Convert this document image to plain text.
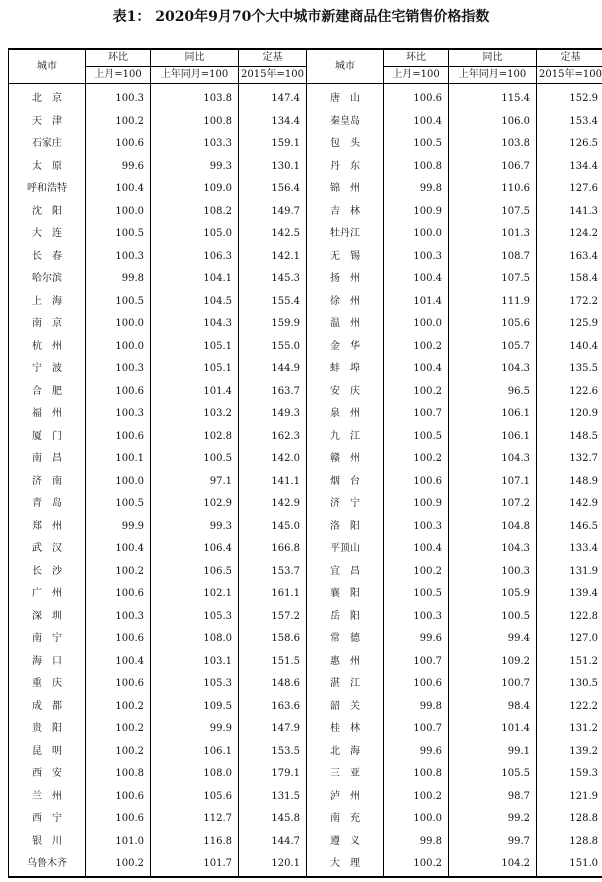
表1： 2020年9月70个大中城市新建商品住宅销售价格指数
城市	环比	同比	定基	城市	环比	同比	定基
	上月=100	上年同月=100	2015年=100		上月=100	上年同月=100	2015年=100
北　京	100.3	103.8	147.4	唐　山	100.6	115.4	152.9
天　津	100.2	100.8	134.4	秦皇岛	100.4	106.0	153.4
石家庄	100.6	103.3	159.1	包　头	100.5	103.8	126.5
太　原	99.6	99.3	130.1	丹　东	100.8	106.7	134.4
呼和浩特	100.4	109.0	156.4	锦　州	99.8	110.6	127.6
沈　阳	100.0	108.2	149.7	吉　林	100.9	107.5	141.3
大　连	100.5	105.0	142.5	牡丹江	100.0	101.3	124.2
长　春	100.3	106.3	142.1	无　锡	100.3	108.7	163.4
哈尔滨	99.8	104.1	145.3	扬　州	100.4	107.5	158.4
上　海	100.5	104.5	155.4	徐　州	101.4	111.9	172.2
南　京	100.0	104.3	159.9	温　州	100.0	105.6	125.9
杭　州	100.0	105.1	155.0	金　华	100.2	105.7	140.4
宁　波	100.3	105.1	144.9	蚌　埠	100.4	104.3	135.5
合　肥	100.6	101.4	163.7	安　庆	100.2	96.5	122.6
福　州	100.3	103.2	149.3	泉　州	100.7	106.1	120.9
厦　门	100.6	102.8	162.3	九　江	100.5	106.1	148.5
南　昌	100.1	100.5	142.0	赣　州	100.2	104.3	132.7
济　南	100.0	97.1	141.1	烟　台	100.6	107.1	148.9
青　岛	100.5	102.9	142.9	济　宁	100.9	107.2	142.9
郑　州	99.9	99.3	145.0	洛　阳	100.3	104.8	146.5
武　汉	100.4	106.4	166.8	平顶山	100.4	104.3	133.4
长　沙	100.2	106.5	153.7	宜　昌	100.2	100.3	131.9
广　州	100.6	102.1	161.1	襄　阳	100.5	105.9	139.4
深　圳	100.3	105.3	157.2	岳　阳	100.3	100.5	122.8
南　宁	100.6	108.0	158.6	常　德	99.6	99.4	127.0
海　口	100.4	103.1	151.5	惠　州	100.7	109.2	151.2
重　庆	100.6	105.3	148.6	湛　江	100.6	100.7	130.5
成　都	100.2	109.5	163.6	韶　关	99.8	98.4	122.2
贵　阳	100.2	99.9	147.9	桂　林	100.7	101.4	131.2
昆　明	100.2	106.1	153.5	北　海	99.6	99.1	139.2
西　安	100.8	108.0	179.1	三　亚	100.8	105.5	159.3
兰　州	100.6	105.6	131.5	泸　州	100.2	98.7	121.9
西　宁	100.6	112.7	145.8	南　充	100.0	99.2	128.8
银　川	101.0	116.8	144.7	遵　义	99.8	99.7	128.8
乌鲁木齐	100.2	101.7	120.1	大　理	100.2	104.2	151.0
